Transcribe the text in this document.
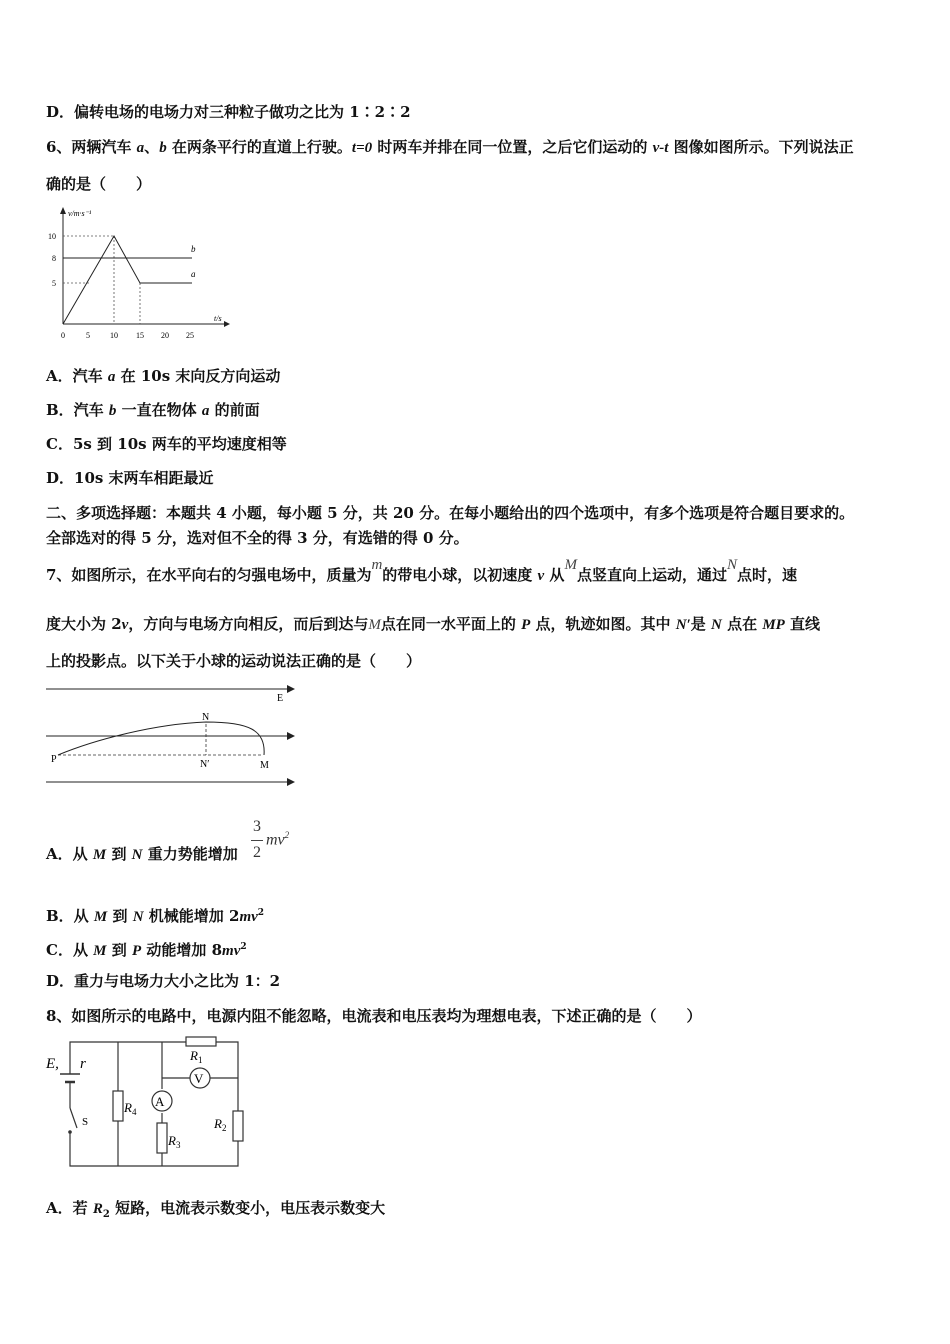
D．偏转电场的电场力对三种粒子做功之比为 1∶2∶2
6、两辆汽车 a、b 在两条平行的直道上行驶。t=0 时两车并排在同一位置，之后它们运动的 v-t 图像如图所示。下列说法正
确的是（　　）
v/m·s⁻¹
t/s
b
a
10
8
5
0	5	10 15 20 25
A．汽车 a 在 10s 末向反方向运动
B．汽车 b 一直在物体 a 的前面
C．5s 到 10s 两车的平均速度相等
D．10s 末两车相距最近
二、多项选择题：本题共 4 小题，每小题 5 分，共 20 分。在每小题给出的四个选项中，有多个选项是符合题目要求的。
全部选对的得 5 分，选对但不全的得 3 分，有选错的得 0 分。
7、如图所示，在水平向右的匀强电场中，质量为m的带电小球，以初速度 v 从M点竖直向上运动，通过N点时，速
度大小为 2v，方向与电场方向相反，而后到达与M点在同一水平面上的 P 点，轨迹如图。其中 N′是 N 点在 MP 直线
上的投影点。以下关于小球的运动说法正确的是（　　）
E
N
P	N′	M
A．从 M 到 N 重力势能增加
3
2
$mv^2$
B．从 M 到 N 机械能增加 $2mv^2$
C．从 M 到 P 动能增加 $8mv^2$
D．重力与电场力大小之比为 1：2
8、如图所示的电路中，电源内阻不能忽略，电流表和电压表均为理想电表，下述正确的是（　　）
A
V
E, r
S
$R_1$
$R_4$
$R_3$
$R_2$
A．若 $R_2$ 短路，电流表示数变小，电压表示数变大
